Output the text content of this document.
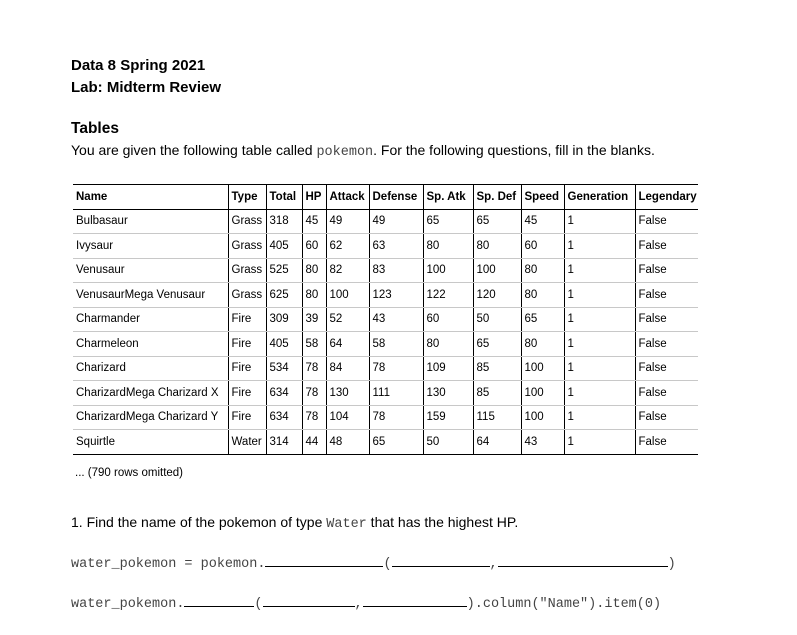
Data 8 Spring 2021
Lab: Midterm Review
Tables
You are given the following table called pokemon. For the following questions, fill in the blanks.
Name	Type	Total	HP	Attack	Defense	Sp. Atk	Sp. Def	Speed	Generation	Legendary
Bulbasaur	Grass	318	45	49	49	65	65	45	1	False
Ivysaur	Grass	405	60	62	63	80	80	60	1	False
Venusaur	Grass	525	80	82	83	100	100	80	1	False
VenusaurMega Venusaur	Grass	625	80	100	123	122	120	80	1	False
Charmander	Fire	309	39	52	43	60	50	65	1	False
Charmeleon	Fire	405	58	64	58	80	65	80	1	False
Charizard	Fire	534	78	84	78	109	85	100	1	False
CharizardMega Charizard X	Fire	634	78	130	111	130	85	100	1	False
CharizardMega Charizard Y	Fire	634	78	104	78	159	115	100	1	False
Squirtle	Water	314	44	48	65	50	64	43	1	False
... (790 rows omitted)
1. Find the name of the pokemon of type Water that has the highest HP.
water_pokemon = pokemon.	(	,	)
water_pokemon.	(	,	).column("Name").item(0)
